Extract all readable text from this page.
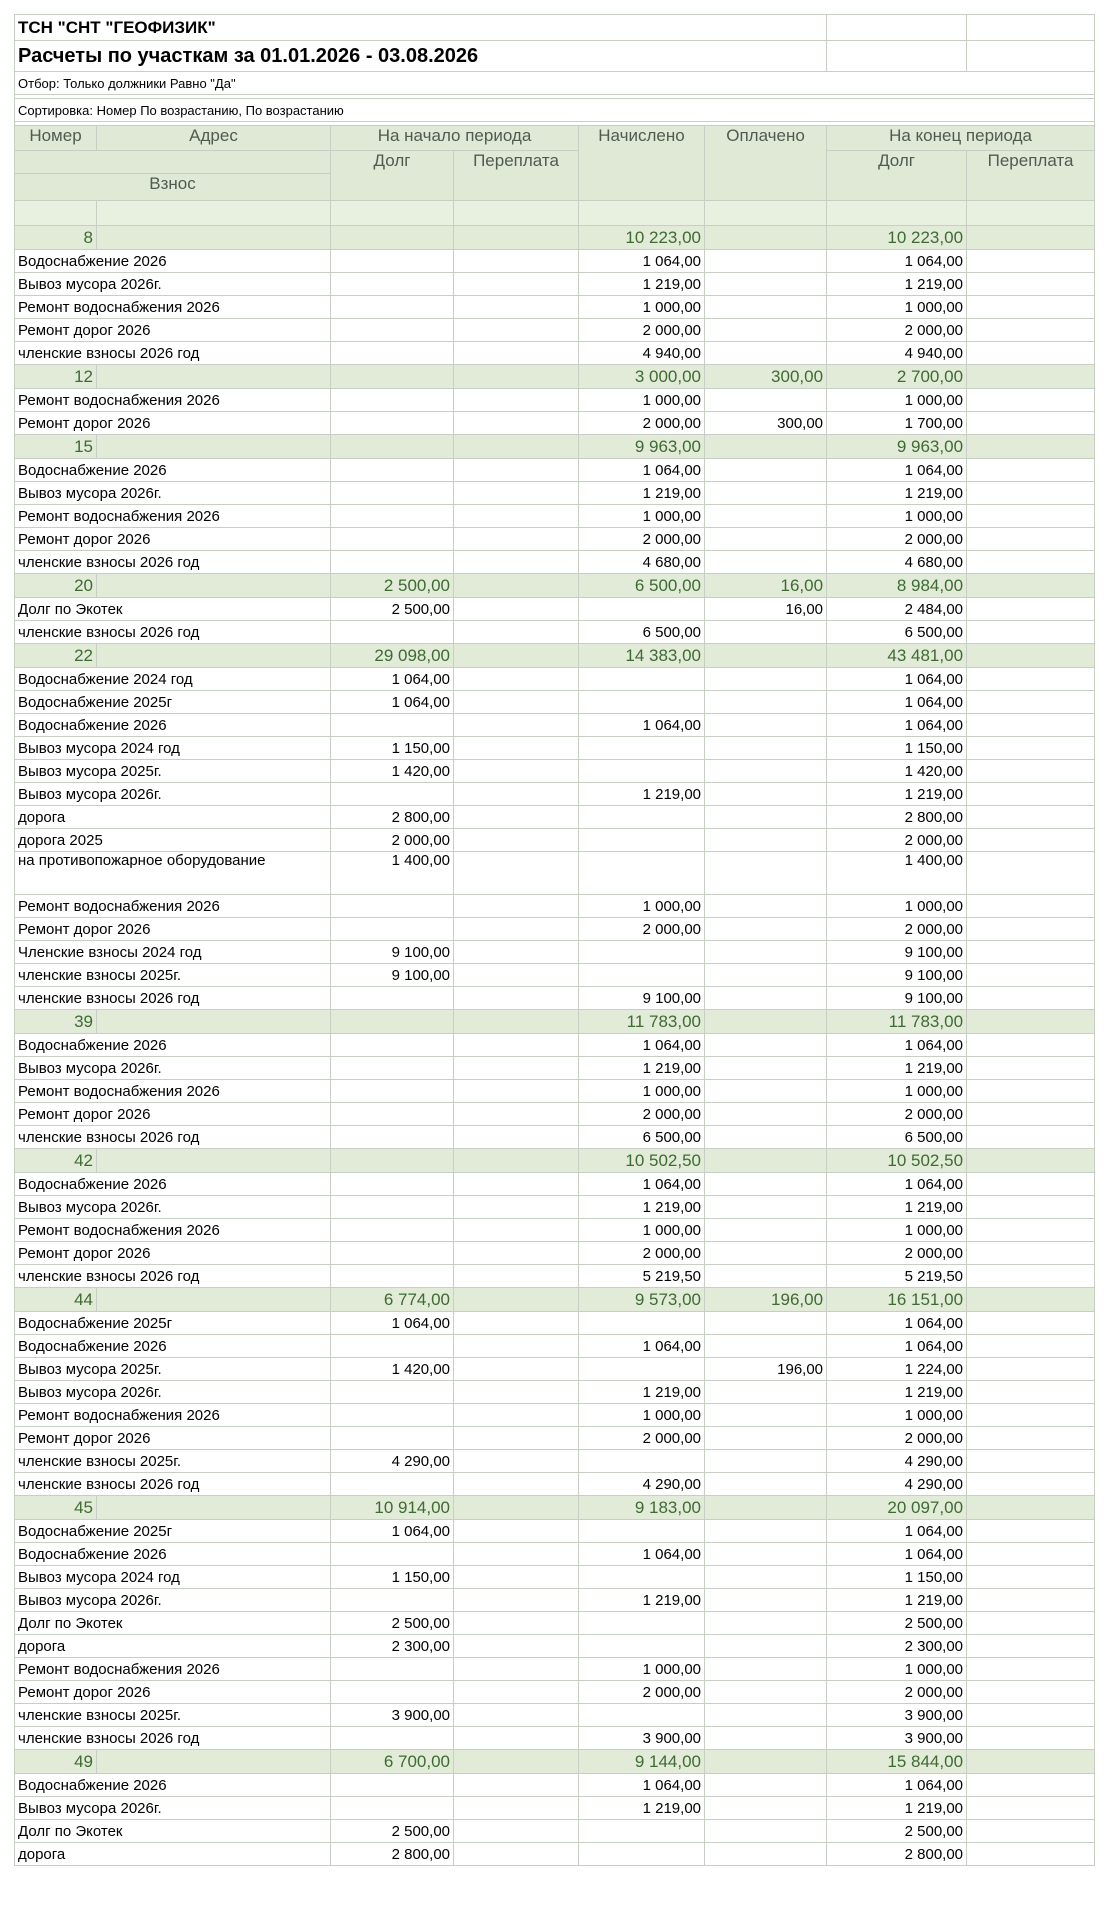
ТСН "СНТ "ГЕОФИЗИК"							
Расчеты по участкам за 01.01.2026 - 03.08.2026							
Отбор: Только должники Равно "Да"							

Сортировка: Номер По возрастанию, По возрастанию							

Номер	Адрес	На начало периода		Начислено	Оплачено	На конец периода	
		Долг	Переплата			Долг	Переплата
Взнос							

8				10 223,00		10 223,00	
Водоснабжение 2026				1 064,00		1 064,00	
Вывоз мусора 2026г.				1 219,00		1 219,00	
Ремонт водоснабжения 2026				1 000,00		1 000,00	
Ремонт дорог 2026				2 000,00		2 000,00	
членские взносы 2026 год				4 940,00		4 940,00	
12				3 000,00	300,00	2 700,00	
Ремонт водоснабжения 2026				1 000,00		1 000,00	
Ремонт дорог 2026				2 000,00	300,00	1 700,00	
15				9 963,00		9 963,00	
Водоснабжение 2026				1 064,00		1 064,00	
Вывоз мусора 2026г.				1 219,00		1 219,00	
Ремонт водоснабжения 2026				1 000,00		1 000,00	
Ремонт дорог 2026				2 000,00		2 000,00	
членские взносы 2026 год				4 680,00		4 680,00	
20		2 500,00		6 500,00	16,00	8 984,00	
Долг по Экотек		2 500,00			16,00	2 484,00	
членские взносы 2026 год				6 500,00		6 500,00	
22		29 098,00		14 383,00		43 481,00	
Водоснабжение 2024 год		1 064,00				1 064,00	
Водоснабжение 2025г		1 064,00				1 064,00	
Водоснабжение 2026				1 064,00		1 064,00	
Вывоз мусора 2024 год		1 150,00				1 150,00	
Вывоз мусора 2025г.		1 420,00				1 420,00	
Вывоз мусора 2026г.				1 219,00		1 219,00	
дорога		2 800,00				2 800,00	
дорога 2025		2 000,00				2 000,00	
на противопожарное оборудование		1 400,00				1 400,00	
Ремонт водоснабжения 2026				1 000,00		1 000,00	
Ремонт дорог 2026				2 000,00		2 000,00	
Членские взносы 2024 год		9 100,00				9 100,00	
членские взносы 2025г.		9 100,00				9 100,00	
членские взносы 2026 год				9 100,00		9 100,00	
39				11 783,00		11 783,00	
Водоснабжение 2026				1 064,00		1 064,00	
Вывоз мусора 2026г.				1 219,00		1 219,00	
Ремонт водоснабжения 2026				1 000,00		1 000,00	
Ремонт дорог 2026				2 000,00		2 000,00	
членские взносы 2026 год				6 500,00		6 500,00	
42				10 502,50		10 502,50	
Водоснабжение 2026				1 064,00		1 064,00	
Вывоз мусора 2026г.				1 219,00		1 219,00	
Ремонт водоснабжения 2026				1 000,00		1 000,00	
Ремонт дорог 2026				2 000,00		2 000,00	
членские взносы 2026 год				5 219,50		5 219,50	
44		6 774,00		9 573,00	196,00	16 151,00	
Водоснабжение 2025г		1 064,00				1 064,00	
Водоснабжение 2026				1 064,00		1 064,00	
Вывоз мусора 2025г.		1 420,00			196,00	1 224,00	
Вывоз мусора 2026г.				1 219,00		1 219,00	
Ремонт водоснабжения 2026				1 000,00		1 000,00	
Ремонт дорог 2026				2 000,00		2 000,00	
членские взносы 2025г.		4 290,00				4 290,00	
членские взносы 2026 год				4 290,00		4 290,00	
45		10 914,00		9 183,00		20 097,00	
Водоснабжение 2025г		1 064,00				1 064,00	
Водоснабжение 2026				1 064,00		1 064,00	
Вывоз мусора 2024 год		1 150,00				1 150,00	
Вывоз мусора 2026г.				1 219,00		1 219,00	
Долг по Экотек		2 500,00				2 500,00	
дорога		2 300,00				2 300,00	
Ремонт водоснабжения 2026				1 000,00		1 000,00	
Ремонт дорог 2026				2 000,00		2 000,00	
членские взносы 2025г.		3 900,00				3 900,00	
членские взносы 2026 год				3 900,00		3 900,00	
49		6 700,00		9 144,00		15 844,00	
Водоснабжение 2026				1 064,00		1 064,00	
Вывоз мусора 2026г.				1 219,00		1 219,00	
Долг по Экотек		2 500,00				2 500,00	
дорога		2 800,00				2 800,00	
